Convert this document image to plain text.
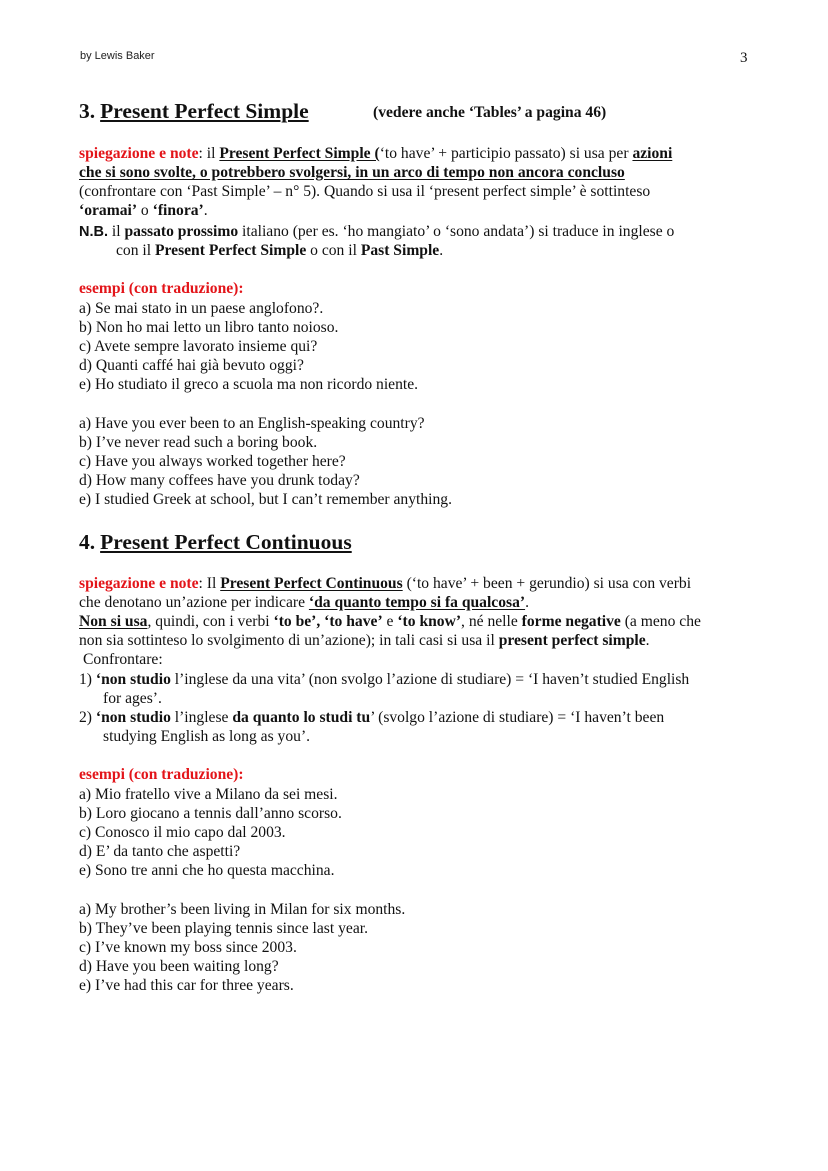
by Lewis Baker	3
3. Present Perfect Simple	(vedere anche ‘Tables’ a pagina 46)
spiegazione e note: il Present Perfect Simple (‘to have’ + participio passato) si usa per azioni
che si sono svolte, o potrebbero svolgersi, in un arco di tempo non ancora concluso
(confrontare con ‘Past Simple’ – n° 5). Quando si usa il ‘present perfect simple’ è sottinteso
‘oramai’ o ‘finora’.
N.B. il passato prossimo italiano (per es. ‘ho mangiato’ o ‘sono andata’) si traduce in inglese o
con il Present Perfect Simple o con il Past Simple.
esempi (con traduzione):
a) Se mai stato in un paese anglofono?.
b) Non ho mai letto un libro tanto noioso.
c) Avete sempre lavorato insieme qui?
d) Quanti caffé hai già bevuto oggi?
e) Ho studiato il greco a scuola ma non ricordo niente.
a) Have you ever been to an English-speaking country?
b) I’ve never read such a boring book.
c) Have you always worked together here?
d) How many coffees have you drunk today?
e) I studied Greek at school, but I can’t remember anything.
4. Present Perfect Continuous
spiegazione e note: Il Present Perfect Continuous (‘to have’ + been + gerundio) si usa con verbi
che denotano un’azione per indicare ‘da quanto tempo si fa qualcosa’.
Non si usa, quindi, con i verbi ‘to be’, ‘to have’ e ‘to know’, né nelle forme negative (a meno che
non sia sottinteso lo svolgimento di un’azione); in tali casi si usa il present perfect simple.
Confrontare:
1) ‘non studio l’inglese da una vita’ (non svolgo l’azione di studiare) = ‘I haven’t studied English
for ages’.
2) ‘non studio l’inglese da quanto lo studi tu’ (svolgo l’azione di studiare) = ‘I haven’t been
studying English as long as you’.
esempi (con traduzione):
a) Mio fratello vive a Milano da sei mesi.
b) Loro giocano a tennis dall’anno scorso.
c) Conosco il mio capo dal 2003.
d) E’ da tanto che aspetti?
e) Sono tre anni che ho questa macchina.
a) My brother’s been living in Milan for six months.
b) They’ve been playing tennis since last year.
c) I’ve known my boss since 2003.
d) Have you been waiting long?
e) I’ve had this car for three years.
